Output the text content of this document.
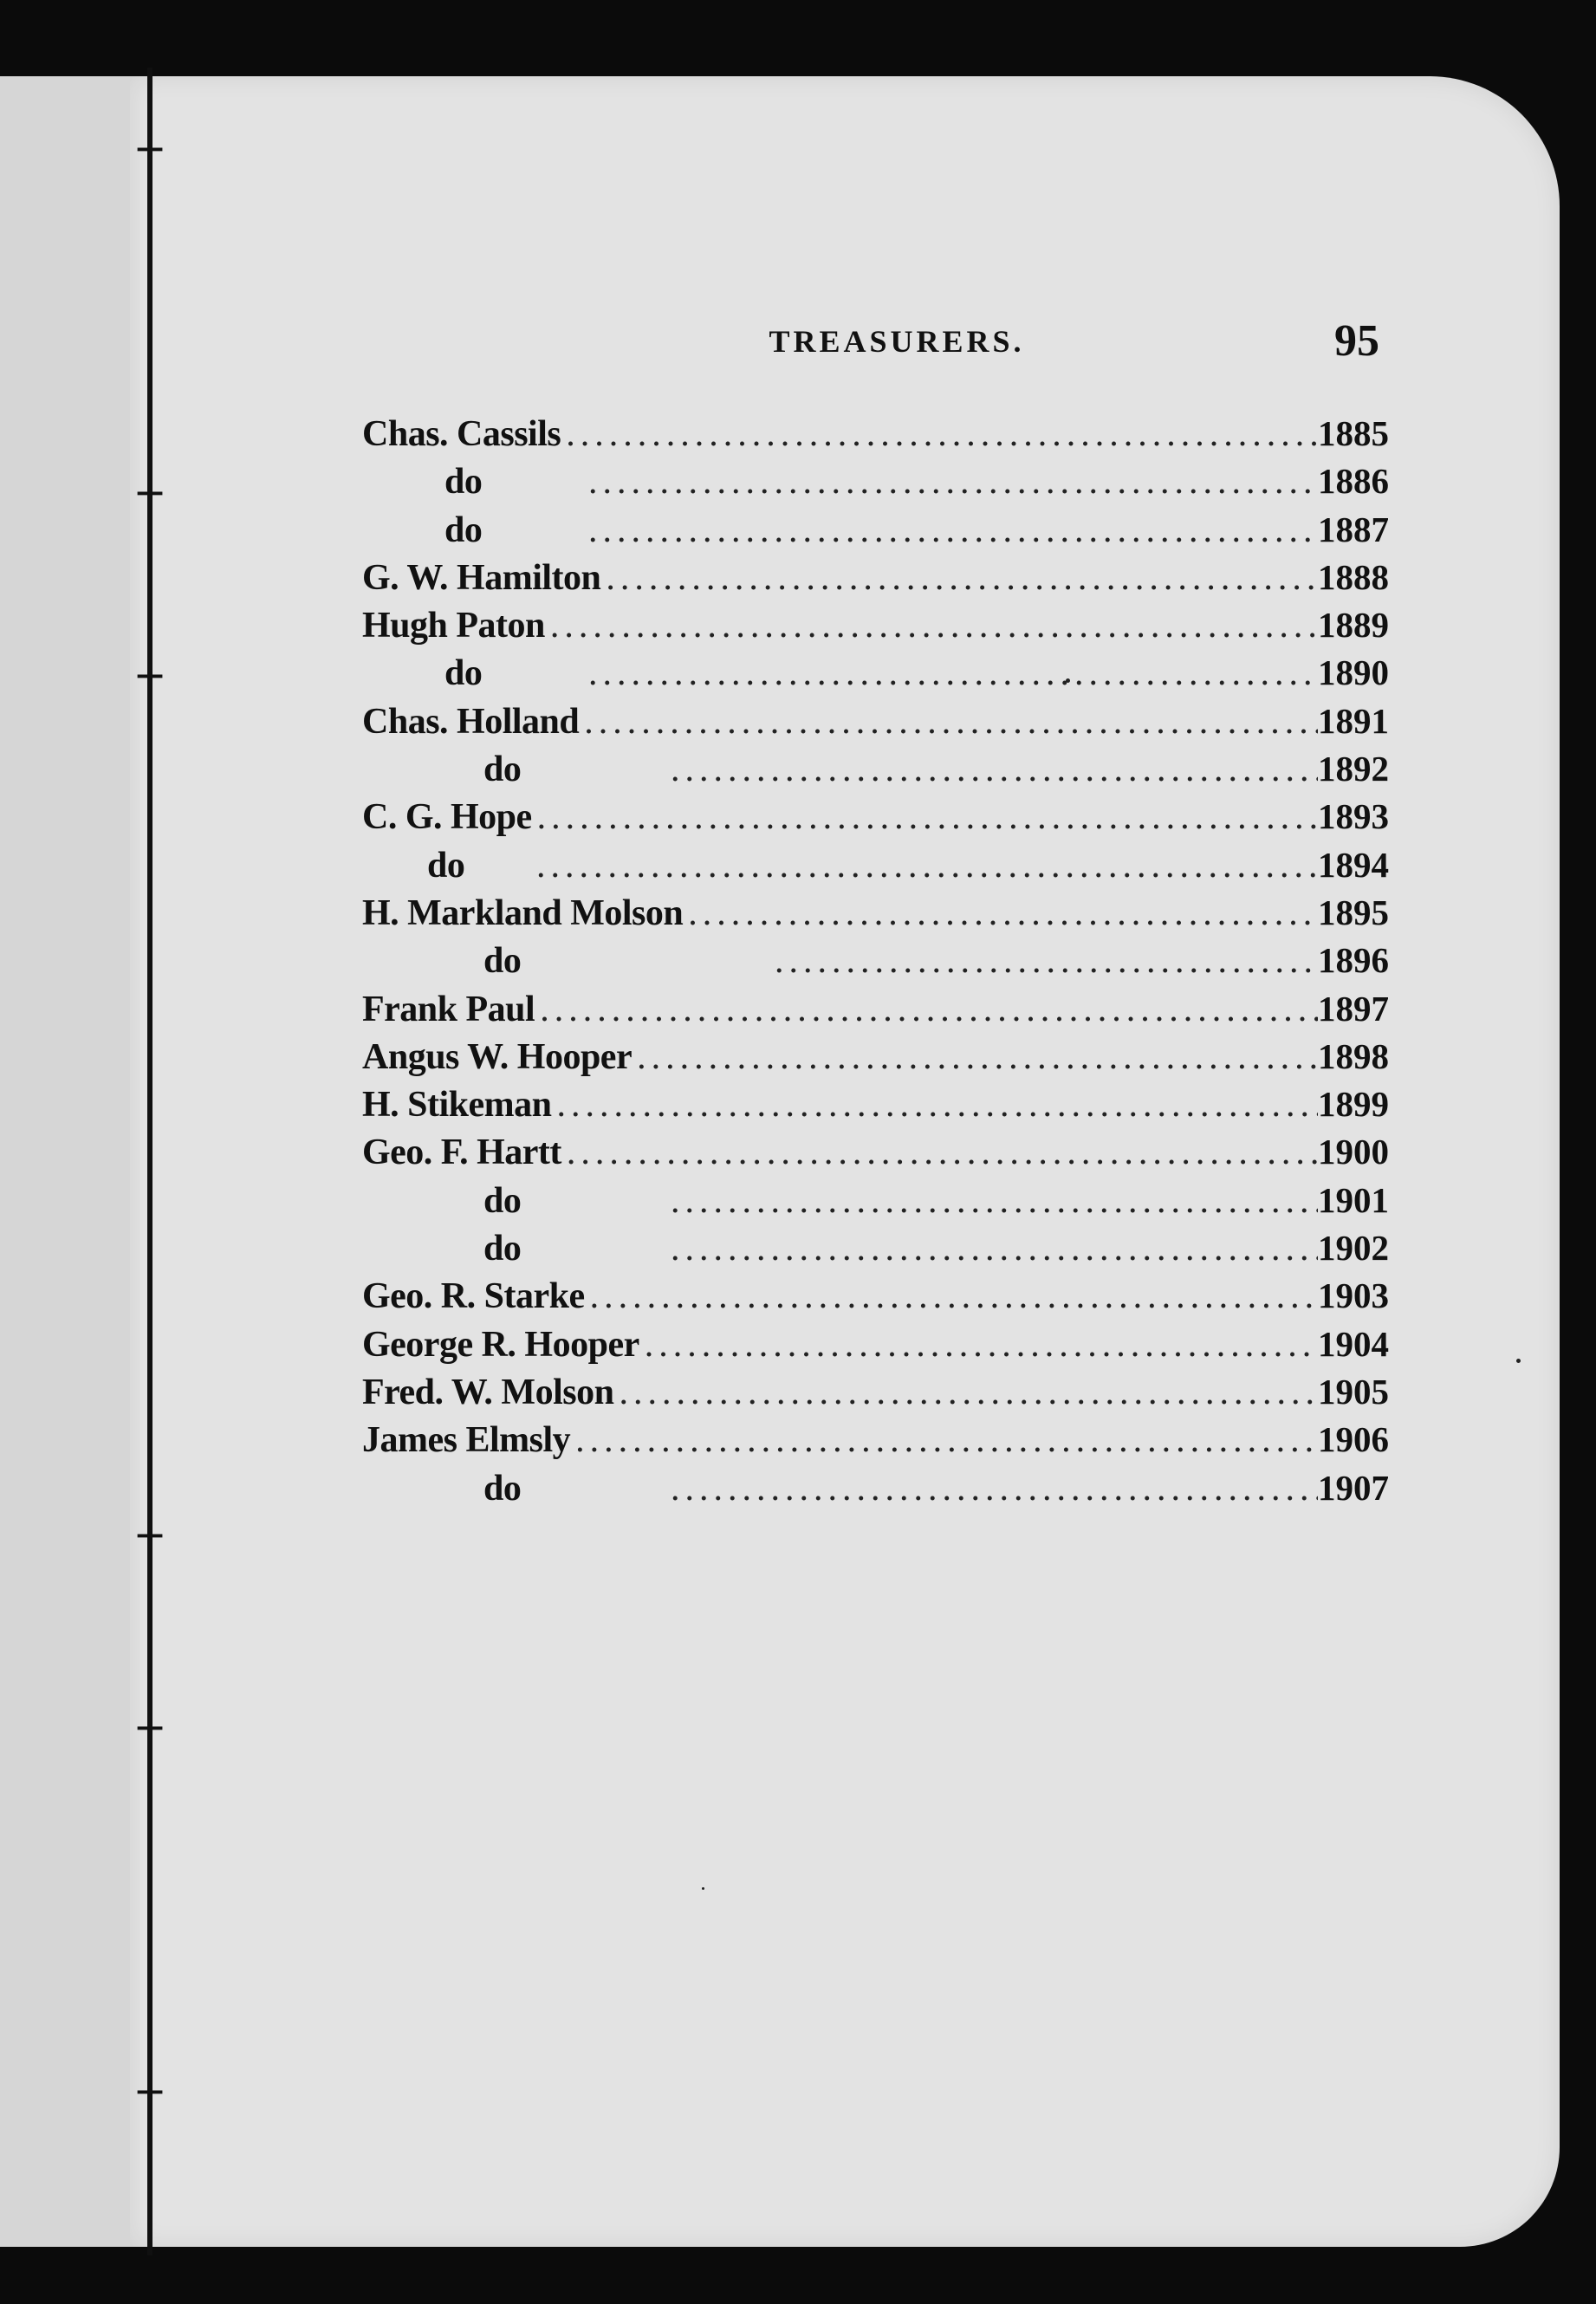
TREASURERS.	95
Chas. Cassils .....	1885
do .....	1886
do .....	1887
G. W. Hamilton .....	1888
Hugh Paton .....	1889
do .....	1890
Chas. Holland .....	1891
do .....	1892
C. G. Hope .....	1893
do .....	1894
H. Markland Molson .....	1895
do .....	1896
Frank Paul .....	1897
Angus W. Hooper .....	1898
H. Stikeman .....	1899
Geo. F. Hartt .....	1900
do .....	1901
do .....	1902
Geo. R. Starke .....	1903
George R. Hooper .....	1904
Fred. W. Molson .....	1905
James Elmsly .....	1906
do .....	1907
+
+
+
+
+
+
